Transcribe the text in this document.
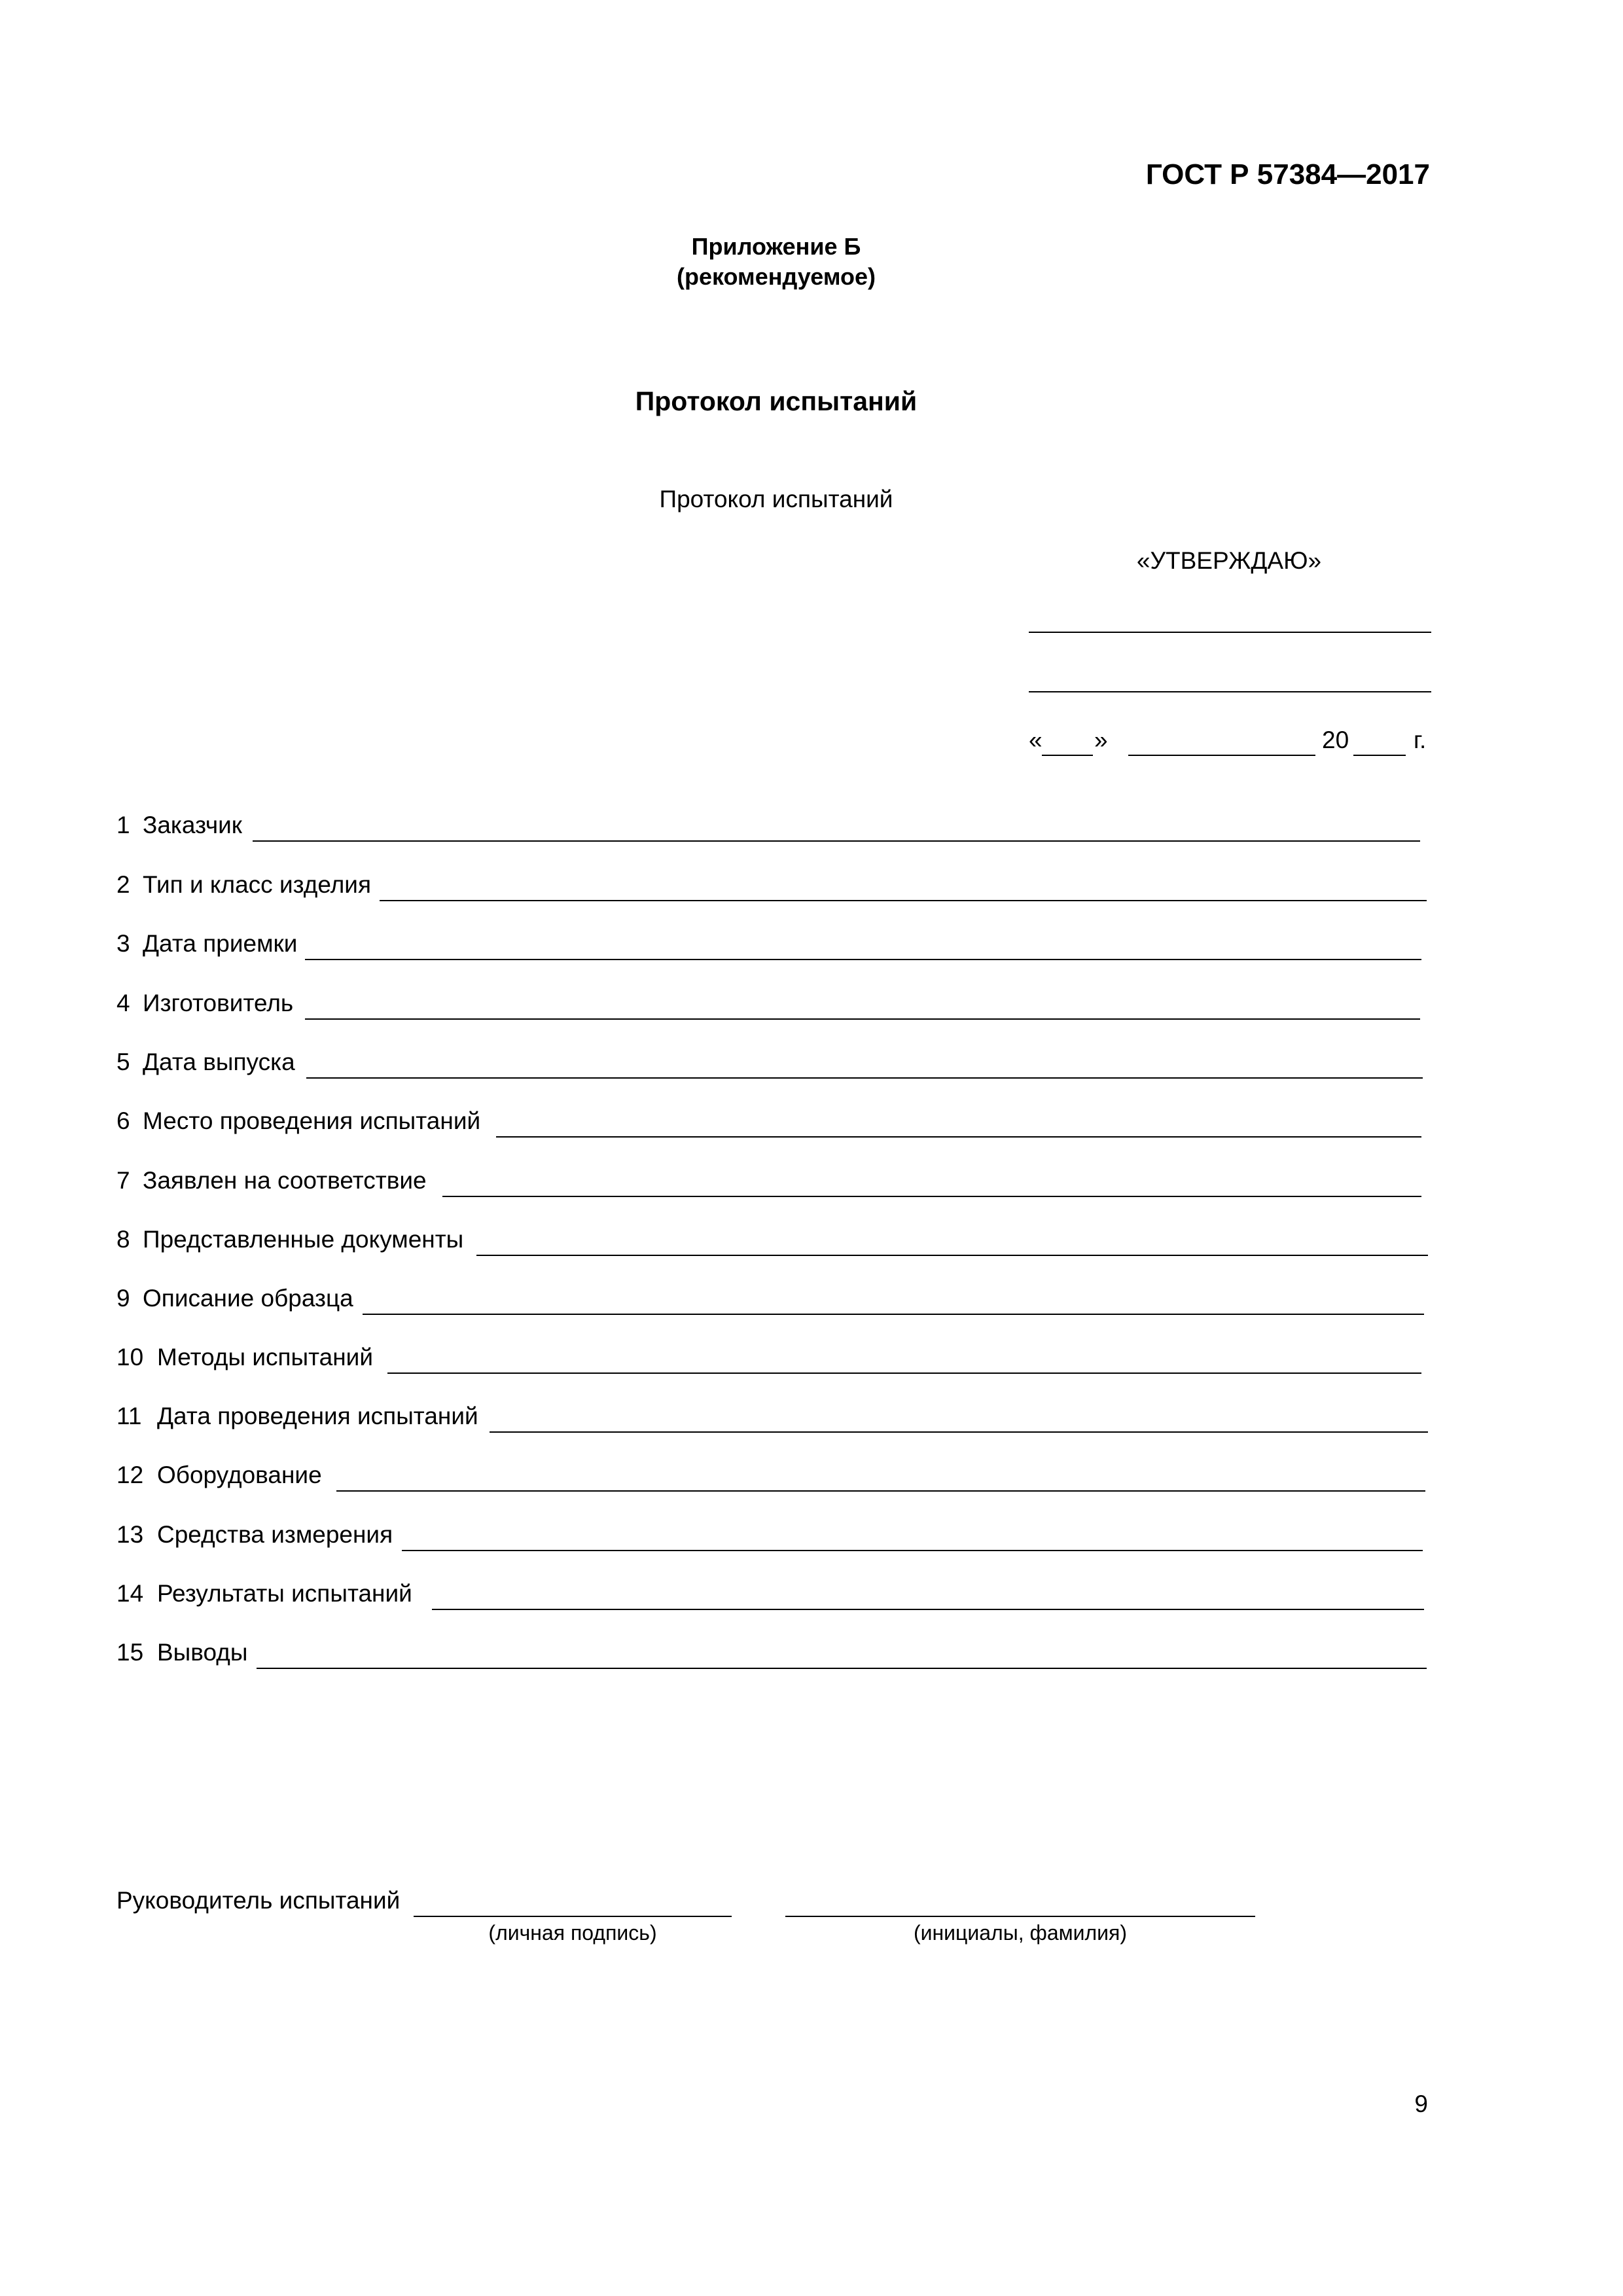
ГОСТ Р 57384—2017
Приложение Б
(рекомендуемое)
Протокол испытаний
Протокол испытаний
«УТВЕРЖДАЮ»
« »	20	г.
1 Заказчик
2 Тип и класс изделия
3 Дата приемки
4 Изготовитель
5 Дата выпуска
6 Место проведения испытаний
7 Заявлен на соответствие
8 Представленные документы
9 Описание образца
10 Методы испытаний
11 Дата проведения испытаний
12 Оборудование
13 Средства измерения
14 Результаты испытаний
15 Выводы
Руководитель испытаний
(личная подпись)	(инициалы, фамилия)
9
